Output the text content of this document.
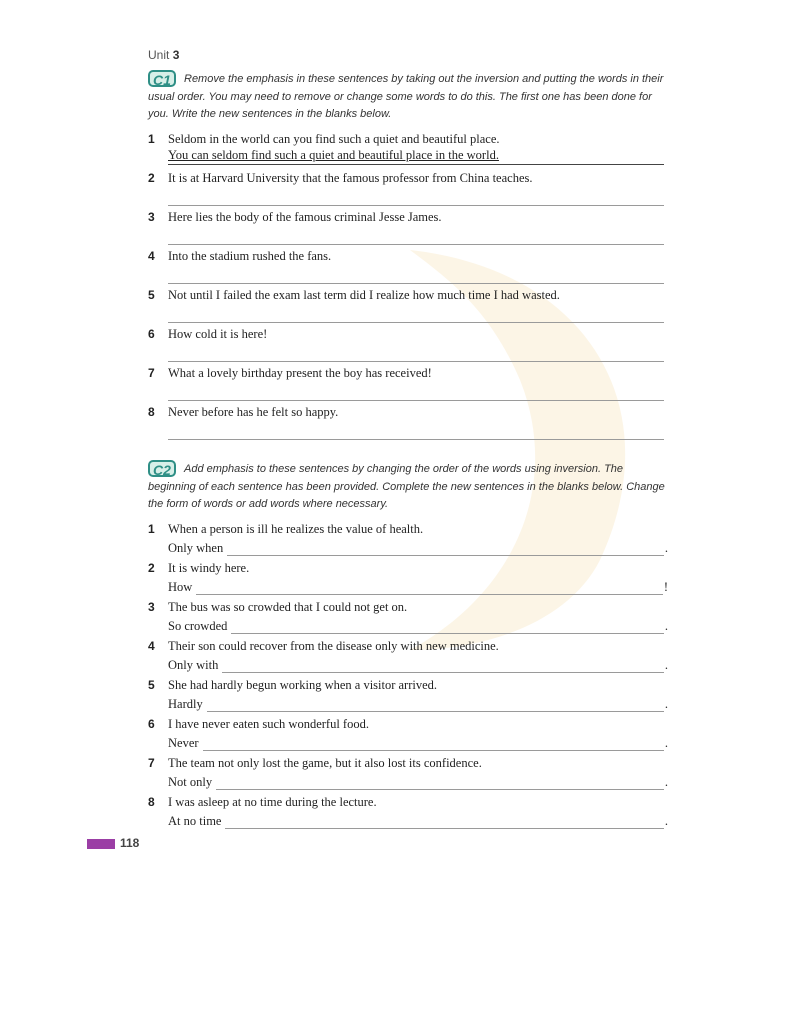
Unit 3
C1 Remove the emphasis in these sentences by taking out the inversion and putting the words in their usual order. You may need to remove or change some words to do this. The first one has been done for you. Write the new sentences in the blanks below.
1 Seldom in the world can you find such a quiet and beautiful place.
You can seldom find such a quiet and beautiful place in the world.
2 It is at Harvard University that the famous professor from China teaches.
3 Here lies the body of the famous criminal Jesse James.
4 Into the stadium rushed the fans.
5 Not until I failed the exam last term did I realize how much time I had wasted.
6 How cold it is here!
7 What a lovely birthday present the boy has received!
8 Never before has he felt so happy.
C2 Add emphasis to these sentences by changing the order of the words using inversion. The beginning of each sentence has been provided. Complete the new sentences in the blanks below. Change the form of words or add words where necessary.
1 When a person is ill he realizes the value of health.
Only when	.
2 It is windy here.
How	!
3 The bus was so crowded that I could not get on.
So crowded	.
4 Their son could recover from the disease only with new medicine.
Only with	.
5 She had hardly begun working when a visitor arrived.
Hardly	.
6 I have never eaten such wonderful food.
Never	.
7 The team not only lost the game, but it also lost its confidence.
Not only	.
8 I was asleep at no time during the lecture.
At no time	.
118
